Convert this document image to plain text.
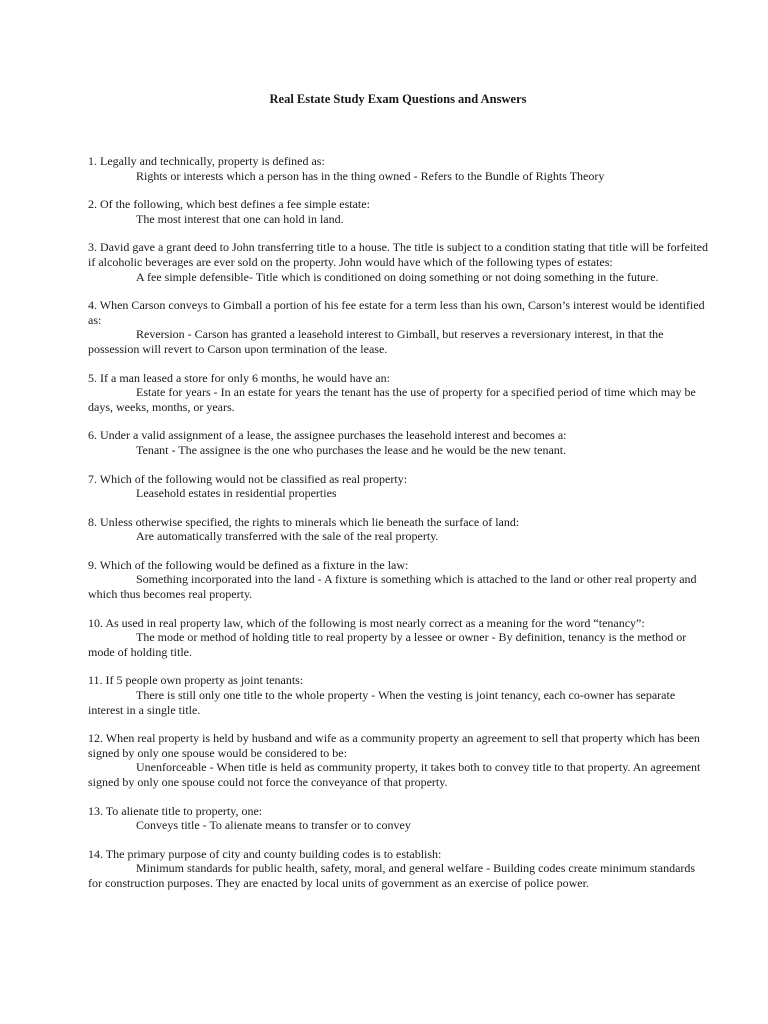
Real Estate Study Exam Questions and Answers
1. Legally and technically, property is defined as:
Rights or interests which a person has in the thing owned - Refers to the Bundle of Rights Theory
2. Of the following, which best defines a fee simple estate:
The most interest that one can hold in land.
3. David gave a grant deed to John transferring title to a house. The title is subject to a condition stating that title will be forfeited if alcoholic beverages are ever sold on the property. John would have which of the following types of estates:
A fee simple defensible- Title which is conditioned on doing something or not doing something in the future.
4. When Carson conveys to Gimball a portion of his fee estate for a term less than his own, Carson’s interest would be identified as:
Reversion - Carson has granted a leasehold interest to Gimball, but reserves a reversionary interest, in that the possession will revert to Carson upon termination of the lease.
5. If a man leased a store for only 6 months, he would have an:
Estate for years - In an estate for years the tenant has the use of property for a specified period of time which may be days, weeks, months, or years.
6. Under a valid assignment of a lease, the assignee purchases the leasehold interest and becomes a:
Tenant - The assignee is the one who purchases the lease and he would be the new tenant.
7. Which of the following would not be classified as real property:
Leasehold estates in residential properties
8. Unless otherwise specified, the rights to minerals which lie beneath the surface of land:
Are automatically transferred with the sale of the real property.
9. Which of the following would be defined as a fixture in the law:
Something incorporated into the land - A fixture is something which is attached to the land or other real property and which thus becomes real property.
10. As used in real property law, which of the following is most nearly correct as a meaning for the word “tenancy”:
The mode or method of holding title to real property by a lessee or owner - By definition, tenancy is the method or mode of holding title.
11. If 5 people own property as joint tenants:
There is still only one title to the whole property - When the vesting is joint tenancy, each co-owner has separate interest in a single title.
12. When real property is held by husband and wife as a community property an agreement to sell that property which has been signed by only one spouse would be considered to be:
Unenforceable - When title is held as community property, it takes both to convey title to that property. An agreement signed by only one spouse could not force the conveyance of that property.
13. To alienate title to property, one:
Conveys title - To alienate means to transfer or to convey
14. The primary purpose of city and county building codes is to establish:
Minimum standards for public health, safety, moral, and general welfare - Building codes create minimum standards for construction purposes. They are enacted by local units of government as an exercise of police power.
